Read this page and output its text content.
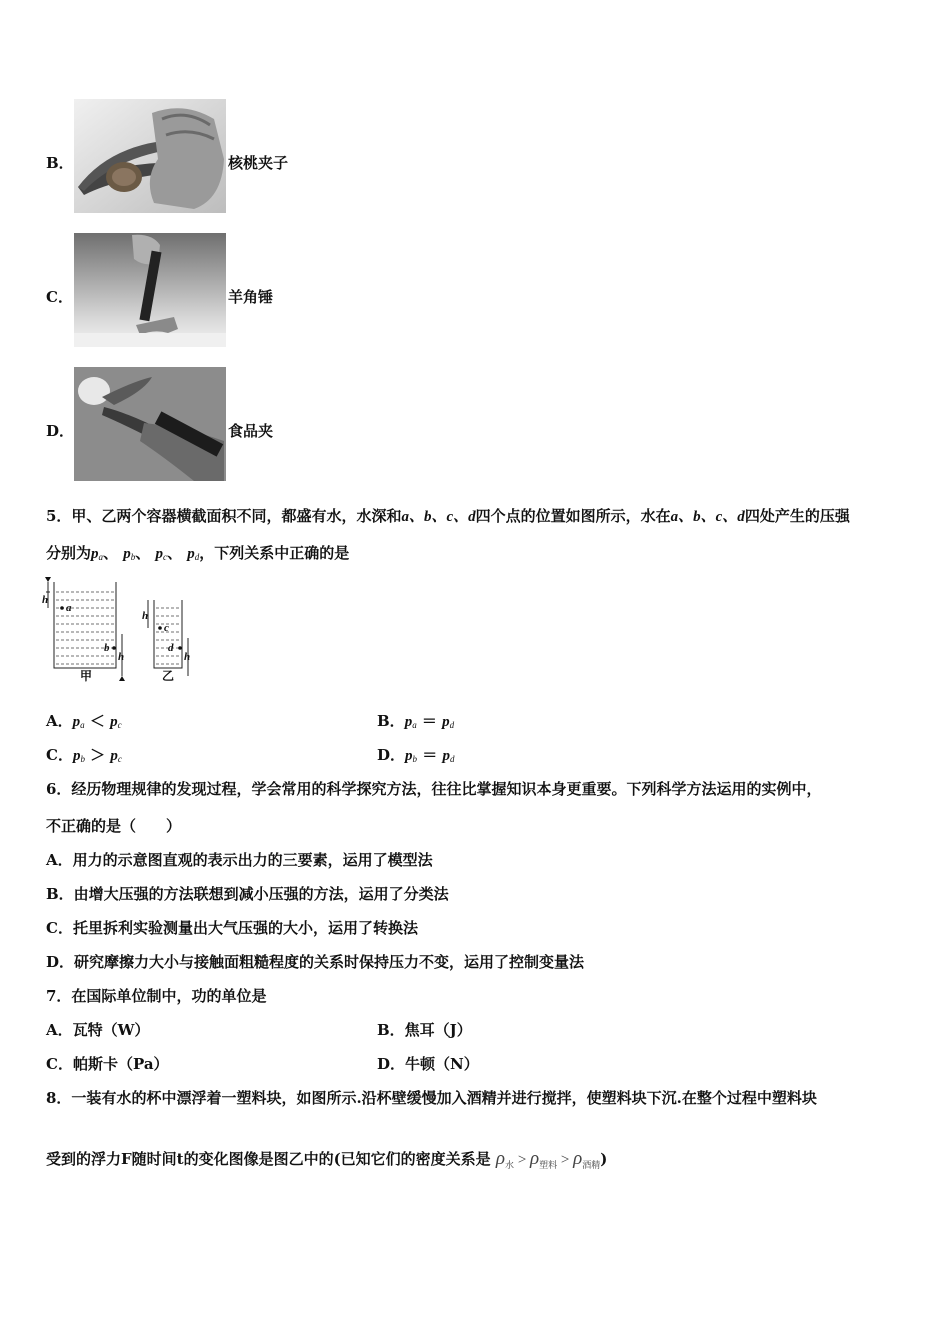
B．	核桃夹子
C．	羊角锤
D．	食品夹
5．甲、乙两个容器横截面积不同，都盛有水，水深和a、b、c、d四个点的位置如图所示，水在a、b、c、d四处产生的压强
分别为$p_a$、 $p_b$、 $p_c$、 $p_d$，下列关系中正确的是
h
a
b
h
h
c
d
h
甲	乙
A．$p_a < p_c$	B．$p_a = p_d$
C．$p_b > p_c$	D．$p_b = p_d$
6．经历物理规律的发现过程，学会常用的科学探究方法，往往比掌握知识本身更重要。下列科学方法运用的实例中，
不正确的是（　　）
A．用力的示意图直观的表示出力的三要素，运用了模型法
B．由增大压强的方法联想到减小压强的方法，运用了分类法
C．托里拆利实验测量出大气压强的大小，运用了转换法
D．研究摩擦力大小与接触面粗糙程度的关系时保持压力不变，运用了控制变量法
7．在国际单位制中，功的单位是
A．瓦特（W）	B．焦耳（J）
C．帕斯卡（Pa）	D．牛顿（N）
8．一装有水的杯中漂浮着一塑料块，如图所示.沿杯壁缓慢加入酒精并进行搅拌，使塑料块下沉.在整个过程中塑料块
受到的浮力F随时间t的变化图像是图乙中的(已知它们的密度关系是 $\rho_水 > \rho_{塑料} > \rho_{酒精}$)
